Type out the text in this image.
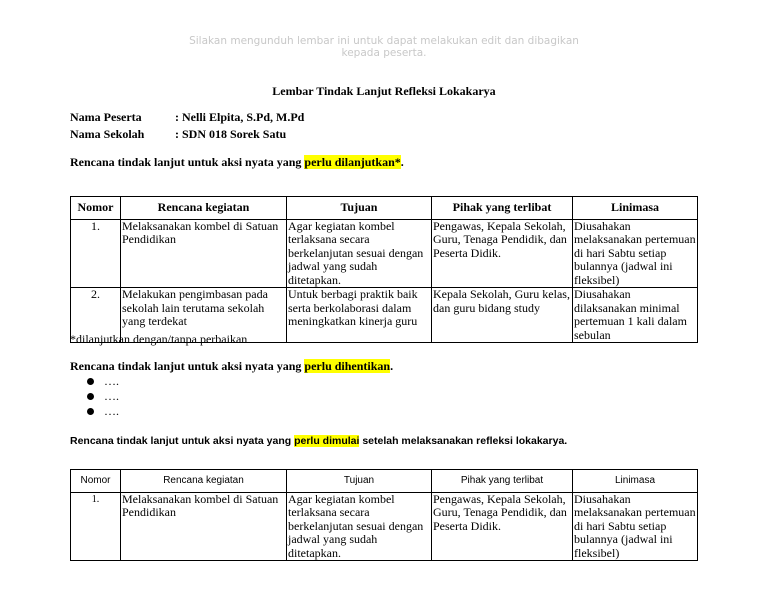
Silakan mengunduh lembar ini untuk dapat melakukan edit dan dibagikan
kepada peserta.
Lembar Tindak Lanjut Refleksi Lokakarya
Nama Peserta	: Nelli Elpita, S.Pd, M.Pd
Nama Sekolah	: SDN 018 Sorek Satu
Rencana tindak lanjut untuk aksi nyata yang perlu dilanjutkan*.
Nomor	Rencana kegiatan	Tujuan	Pihak yang terlibat	Linimasa
1.	Melaksanakan kombel di Satuan Pendidikan	Agar kegiatan kombel terlaksana secara berkelanjutan sesuai dengan jadwal yang sudah ditetapkan.	Pengawas, Kepala Sekolah, Guru, Tenaga Pendidik, dan Peserta Didik.	Diusahakan melaksanakan pertemuan di hari Sabtu setiap bulannya (jadwal ini fleksibel)
2.	Melakukan pengimbasan pada sekolah lain terutama sekolah yang terdekat	Untuk berbagi praktik baik serta berkolaborasi dalam meningkatkan kinerja guru	Kepala Sekolah, Guru kelas, dan guru bidang study	Diusahakan dilaksanakan minimal pertemuan 1 kali dalam sebulan
*dilanjutkan dengan/tanpa perbaikan
Rencana tindak lanjut untuk aksi nyata yang perlu dihentikan.
….
….
….
Rencana tindak lanjut untuk aksi nyata yang perlu dimulai setelah melaksanakan refleksi lokakarya.
Nomor	Rencana kegiatan	Tujuan	Pihak yang terlibat	Linimasa
1.	Melaksanakan kombel di Satuan Pendidikan	Agar kegiatan kombel terlaksana secara berkelanjutan sesuai dengan jadwal yang sudah ditetapkan.	Pengawas, Kepala Sekolah, Guru, Tenaga Pendidik, dan Peserta Didik.	Diusahakan melaksanakan pertemuan di hari Sabtu setiap bulannya (jadwal ini fleksibel)
